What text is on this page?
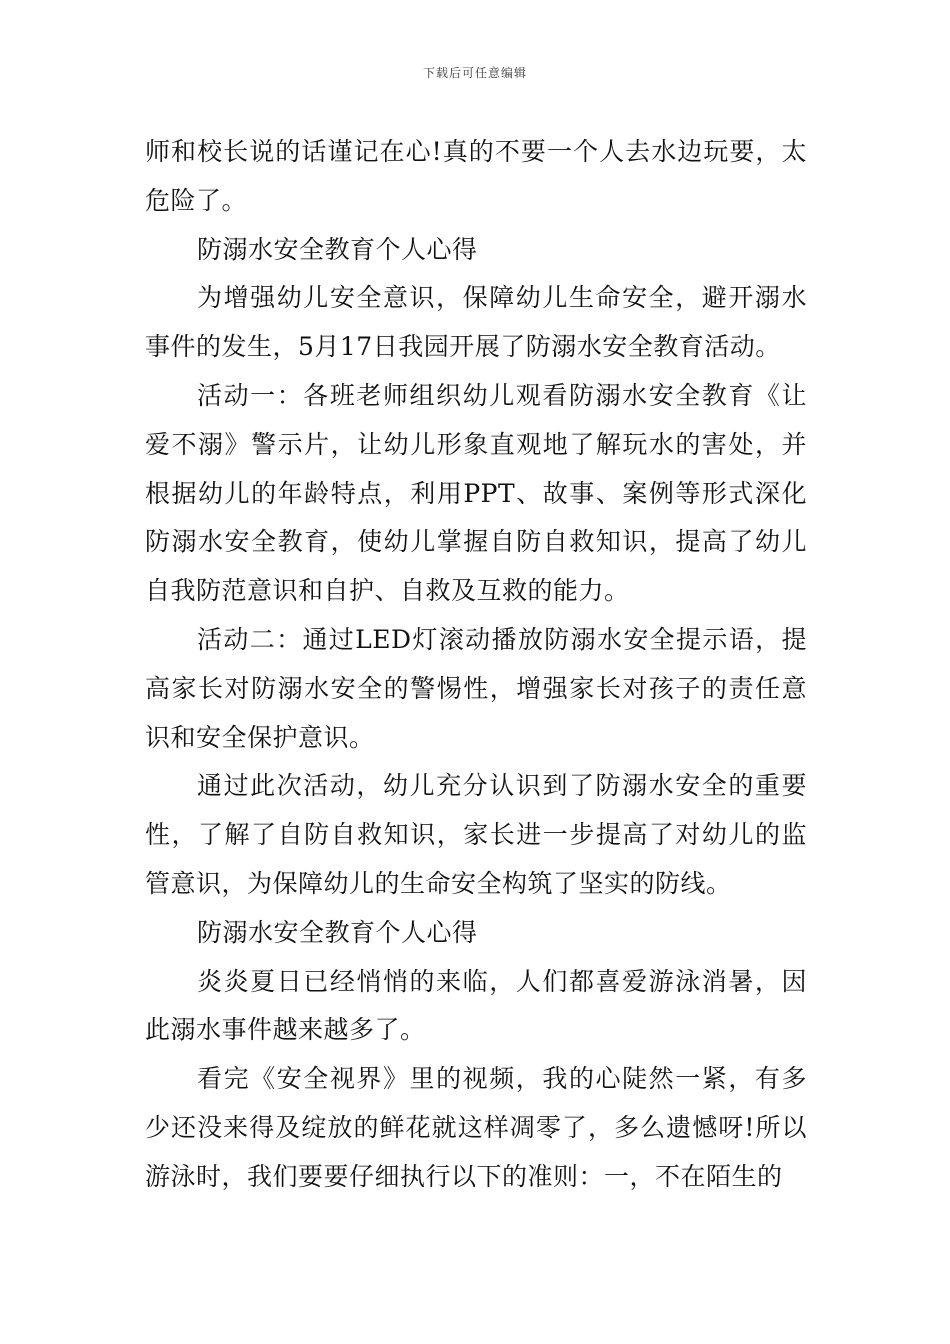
下载后可任意编辑

师和校长说的话谨记在心!真的不要一个人去水边玩要，太危险了。

防溺水安全教育个人心得

为增强幼儿安全意识，保障幼儿生命安全，避开溺水事件的发生，5月17日我园开展了防溺水安全教育活动。

活动一：各班老师组织幼儿观看防溺水安全教育《让爱不溺》警示片，让幼儿形象直观地了解玩水的害处，并根据幼儿的年龄特点，利用PPT、故事、案例等形式深化防溺水安全教育，使幼儿掌握自防自救知识，提高了幼儿自我防范意识和自护、自救及互救的能力。

活动二：通过LED灯滚动播放防溺水安全提示语，提高家长对防溺水安全的警惕性，增强家长对孩子的责任意识和安全保护意识。

通过此次活动，幼儿充分认识到了防溺水安全的重要性，了解了自防自救知识，家长进一步提高了对幼儿的监管意识，为保障幼儿的生命安全构筑了坚实的防线。

防溺水安全教育个人心得

炎炎夏日已经悄悄的来临，人们都喜爱游泳消暑，因此溺水事件越来越多了。

看完《安全视界》里的视频，我的心陡然一紧，有多少还没来得及绽放的鲜花就这样凋零了，多么遗憾呀!所以游泳时，我们要要仔细执行以下的准则：一，不在陌生的
